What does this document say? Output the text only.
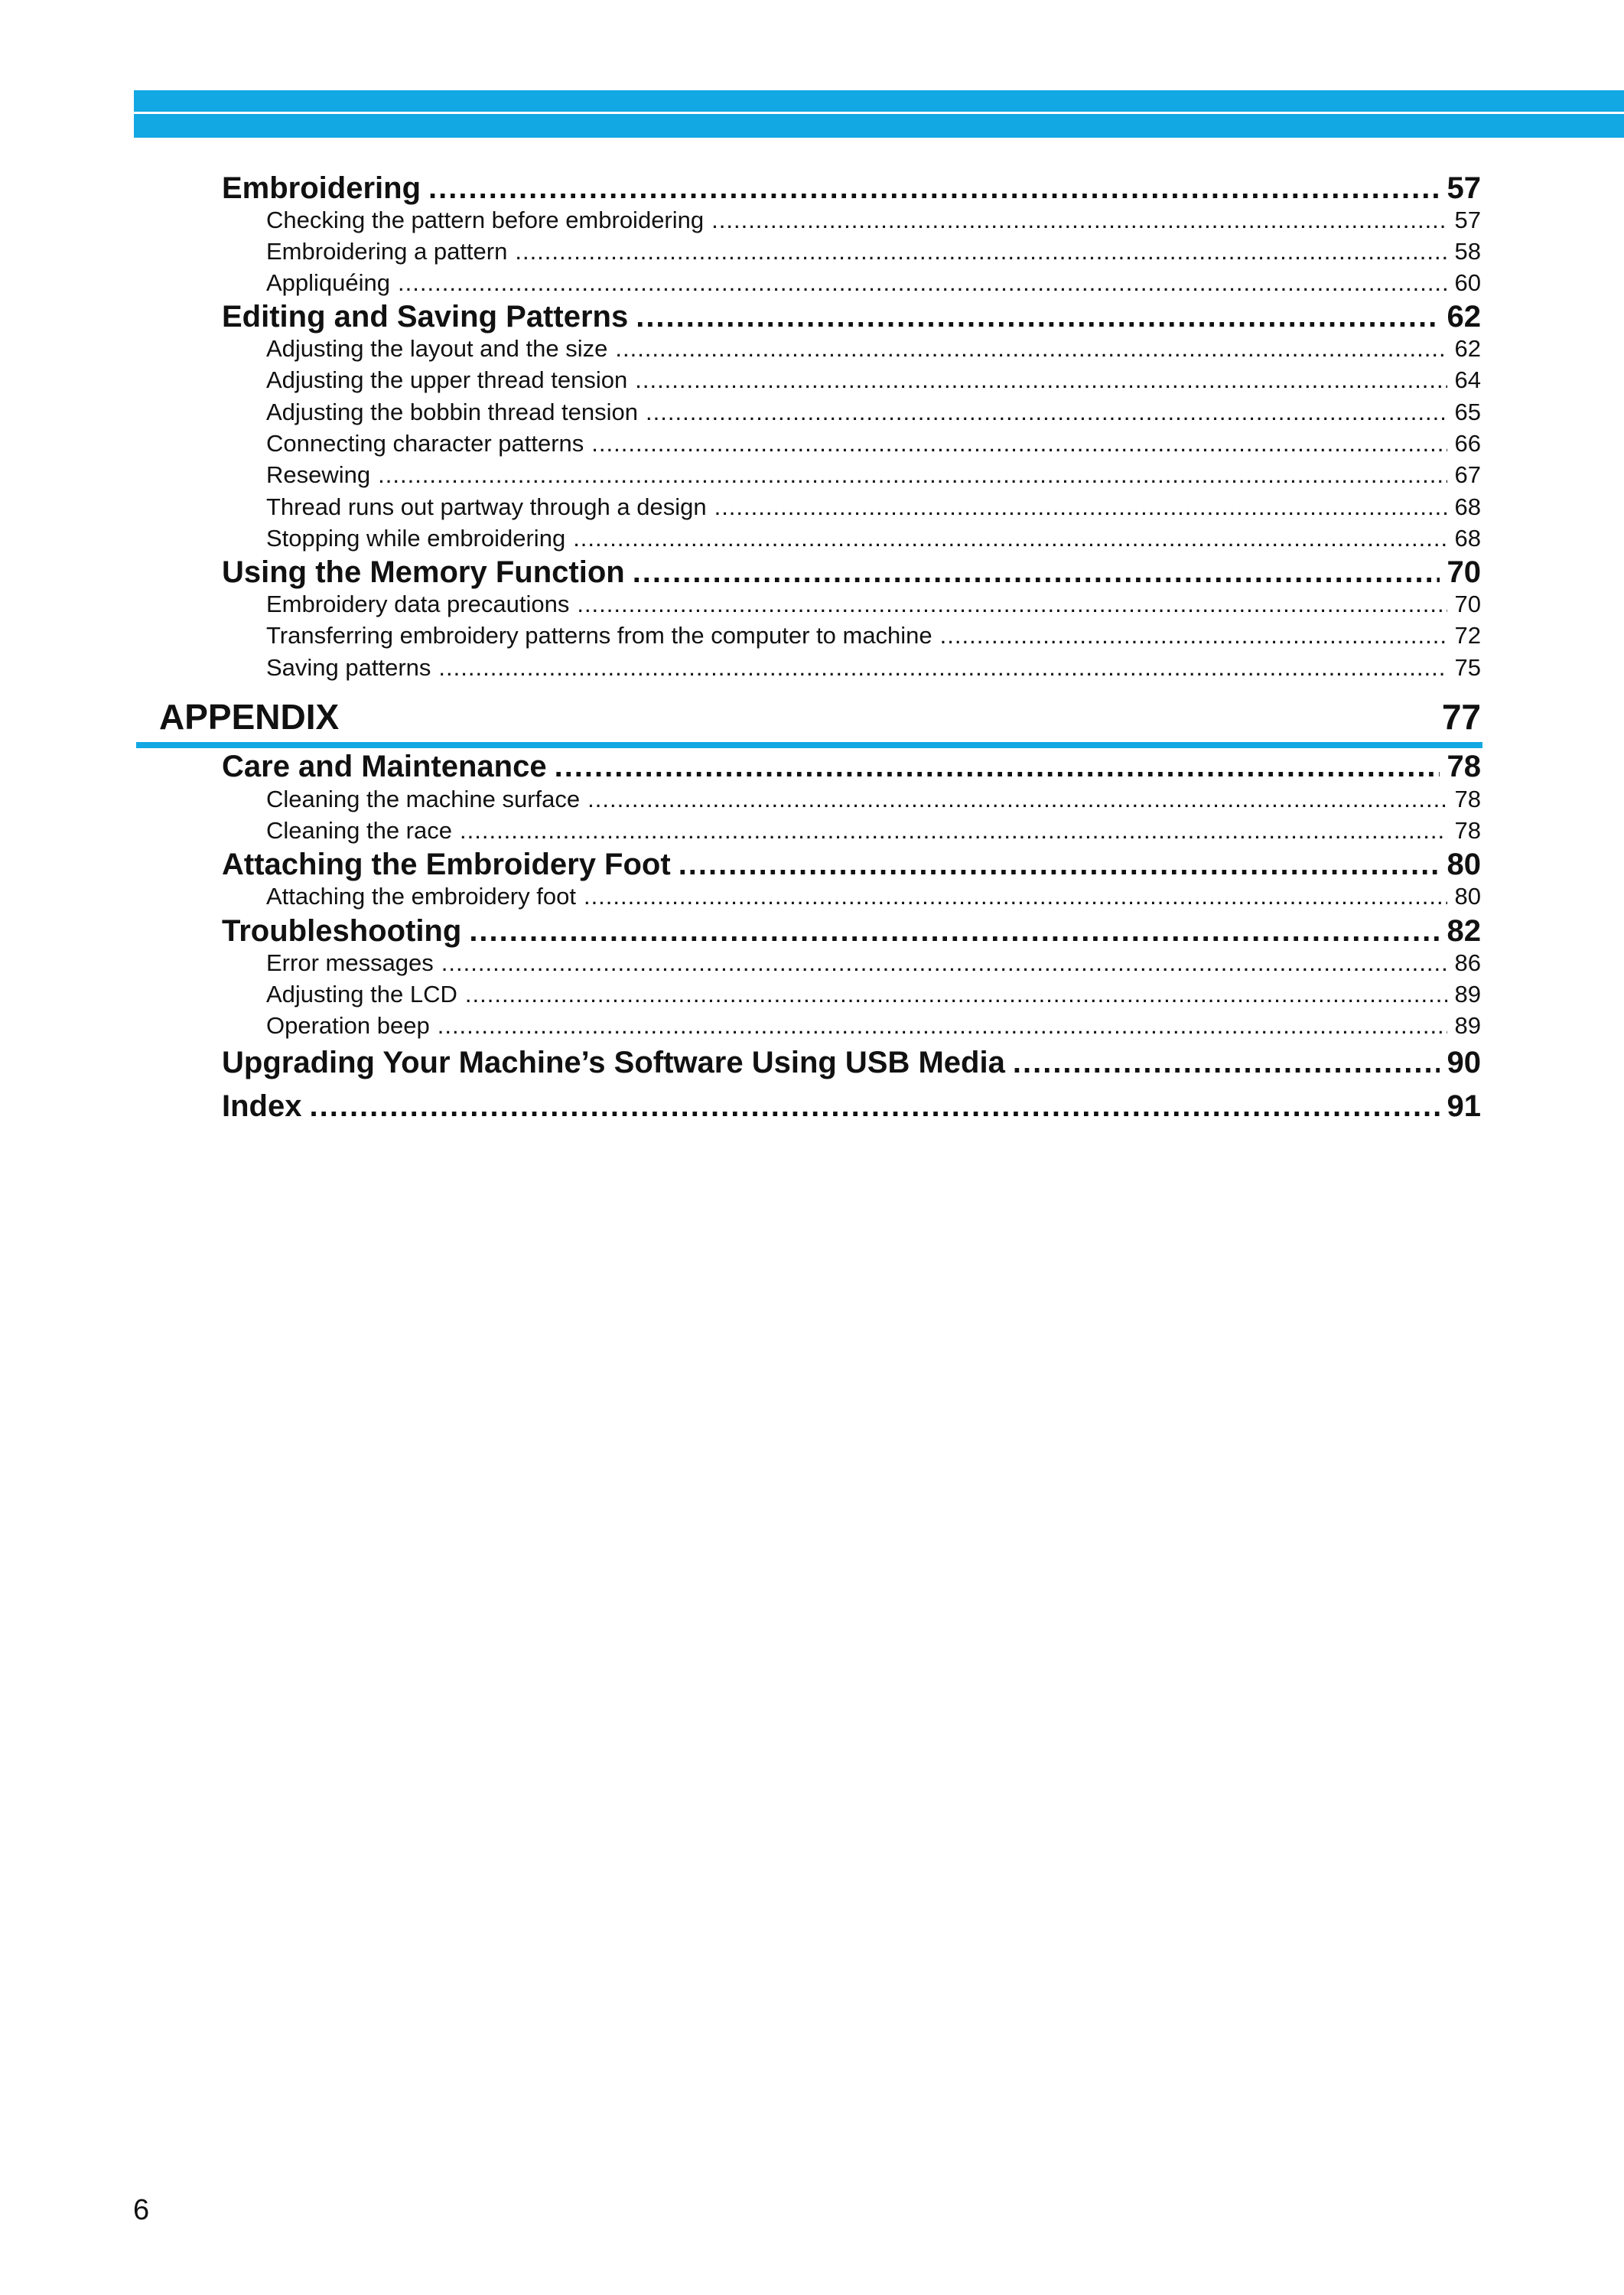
Embroidering .....	57
Checking the pattern before embroidering .....	57
Embroidering a pattern .....	58
Appliquéing .....	60
Editing and Saving Patterns .....	62
Adjusting the layout and the size .....	62
Adjusting the upper thread tension .....	64
Adjusting the bobbin thread tension .....	65
Connecting character patterns .....	66
Resewing .....	67
Thread runs out partway through a design .....	68
Stopping while embroidering .....	68
Using the Memory Function .....	70
Embroidery data precautions .....	70
Transferring embroidery patterns from the computer to machine .....	72
Saving patterns .....	75
APPENDIX	77
Care and Maintenance .....	78
Cleaning the machine surface .....	78
Cleaning the race .....	78
Attaching the Embroidery Foot .....	80
Attaching the embroidery foot .....	80
Troubleshooting .....	82
Error messages .....	86
Adjusting the LCD .....	89
Operation beep .....	89
Upgrading Your Machine’s Software Using USB Media .....	90
Index .....	91
6
